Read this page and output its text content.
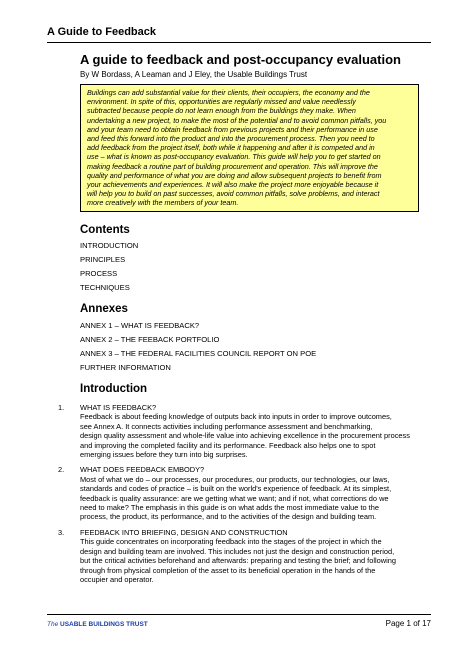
A Guide to Feedback
A guide to feedback and post-occupancy evaluation
By W Bordass, A Leaman and J Eley, the Usable Buildings Trust
Buildings can add substantial value for their clients, their occupiers, the economy and the
environment. In spite of this, opportunities are regularly missed and value needlessly
subtracted because people do not learn enough from the buildings they make. When
undertaking a new project, to make the most of the potential and to avoid common pitfalls, you
and your team need to obtain feedback from previous projects and their performance in use
and feed this forward into the product and into the procurement process. Then you need to
add feedback from the project itself, both while it happening and after it is competed and in
use – what is known as post-occupancy evaluation. This guide will help you to get started on
making feedback a routine part of building procurement and operation. This will improve the
quality and performance of what you are doing and allow subsequent projects to benefit from
your achievements and experiences. It will also make the project more enjoyable because it
will help you to build on past successes, avoid common pitfalls, solve problems, and interact
more creatively with the members of your team.
Contents
INTRODUCTION
PRINCIPLES
PROCESS
TECHNIQUES
Annexes
ANNEX 1 – WHAT IS FEEDBACK?
ANNEX 2 – THE FEEBACK PORTFOLIO
ANNEX 3 – THE FEDERAL FACILITIES COUNCIL REPORT ON POE
FURTHER INFORMATION
Introduction
1. WHAT IS FEEDBACK?
Feedback is about feeding knowledge of outputs back into inputs in order to improve outcomes,
see Annex A. It connects activities including performance assessment and benchmarking,
design quality assessment and whole-life value into achieving excellence in the procurement process
and improving the completed facility and its performance. Feedback also helps one to spot
emerging issues before they turn into big surprises.
2. WHAT DOES FEEDBACK EMBODY?
Most of what we do – our processes, our procedures, our products, our technologies, our laws,
standards and codes of practice – is built on the world's experience of feedback. At its simplest,
feedback is quality assurance: are we getting what we want; and if not, what corrections do we
need to make? The emphasis in this guide is on what adds the most immediate value to the
process, the product, its performance, and to the activities of the design and building team.
3. FEEDBACK INTO BRIEFING, DESIGN AND CONSTRUCTION
This guide concentrates on incorporating feedback into the stages of the project in which the
design and building team are involved. This includes not just the design and construction period,
but the critical activities beforehand and afterwards: preparing and testing the brief; and following
through from physical completion of the asset to its beneficial operation in the hands of the
occupier and operator.
The USABLE BUILDINGS TRUST	Page 1 of 17
